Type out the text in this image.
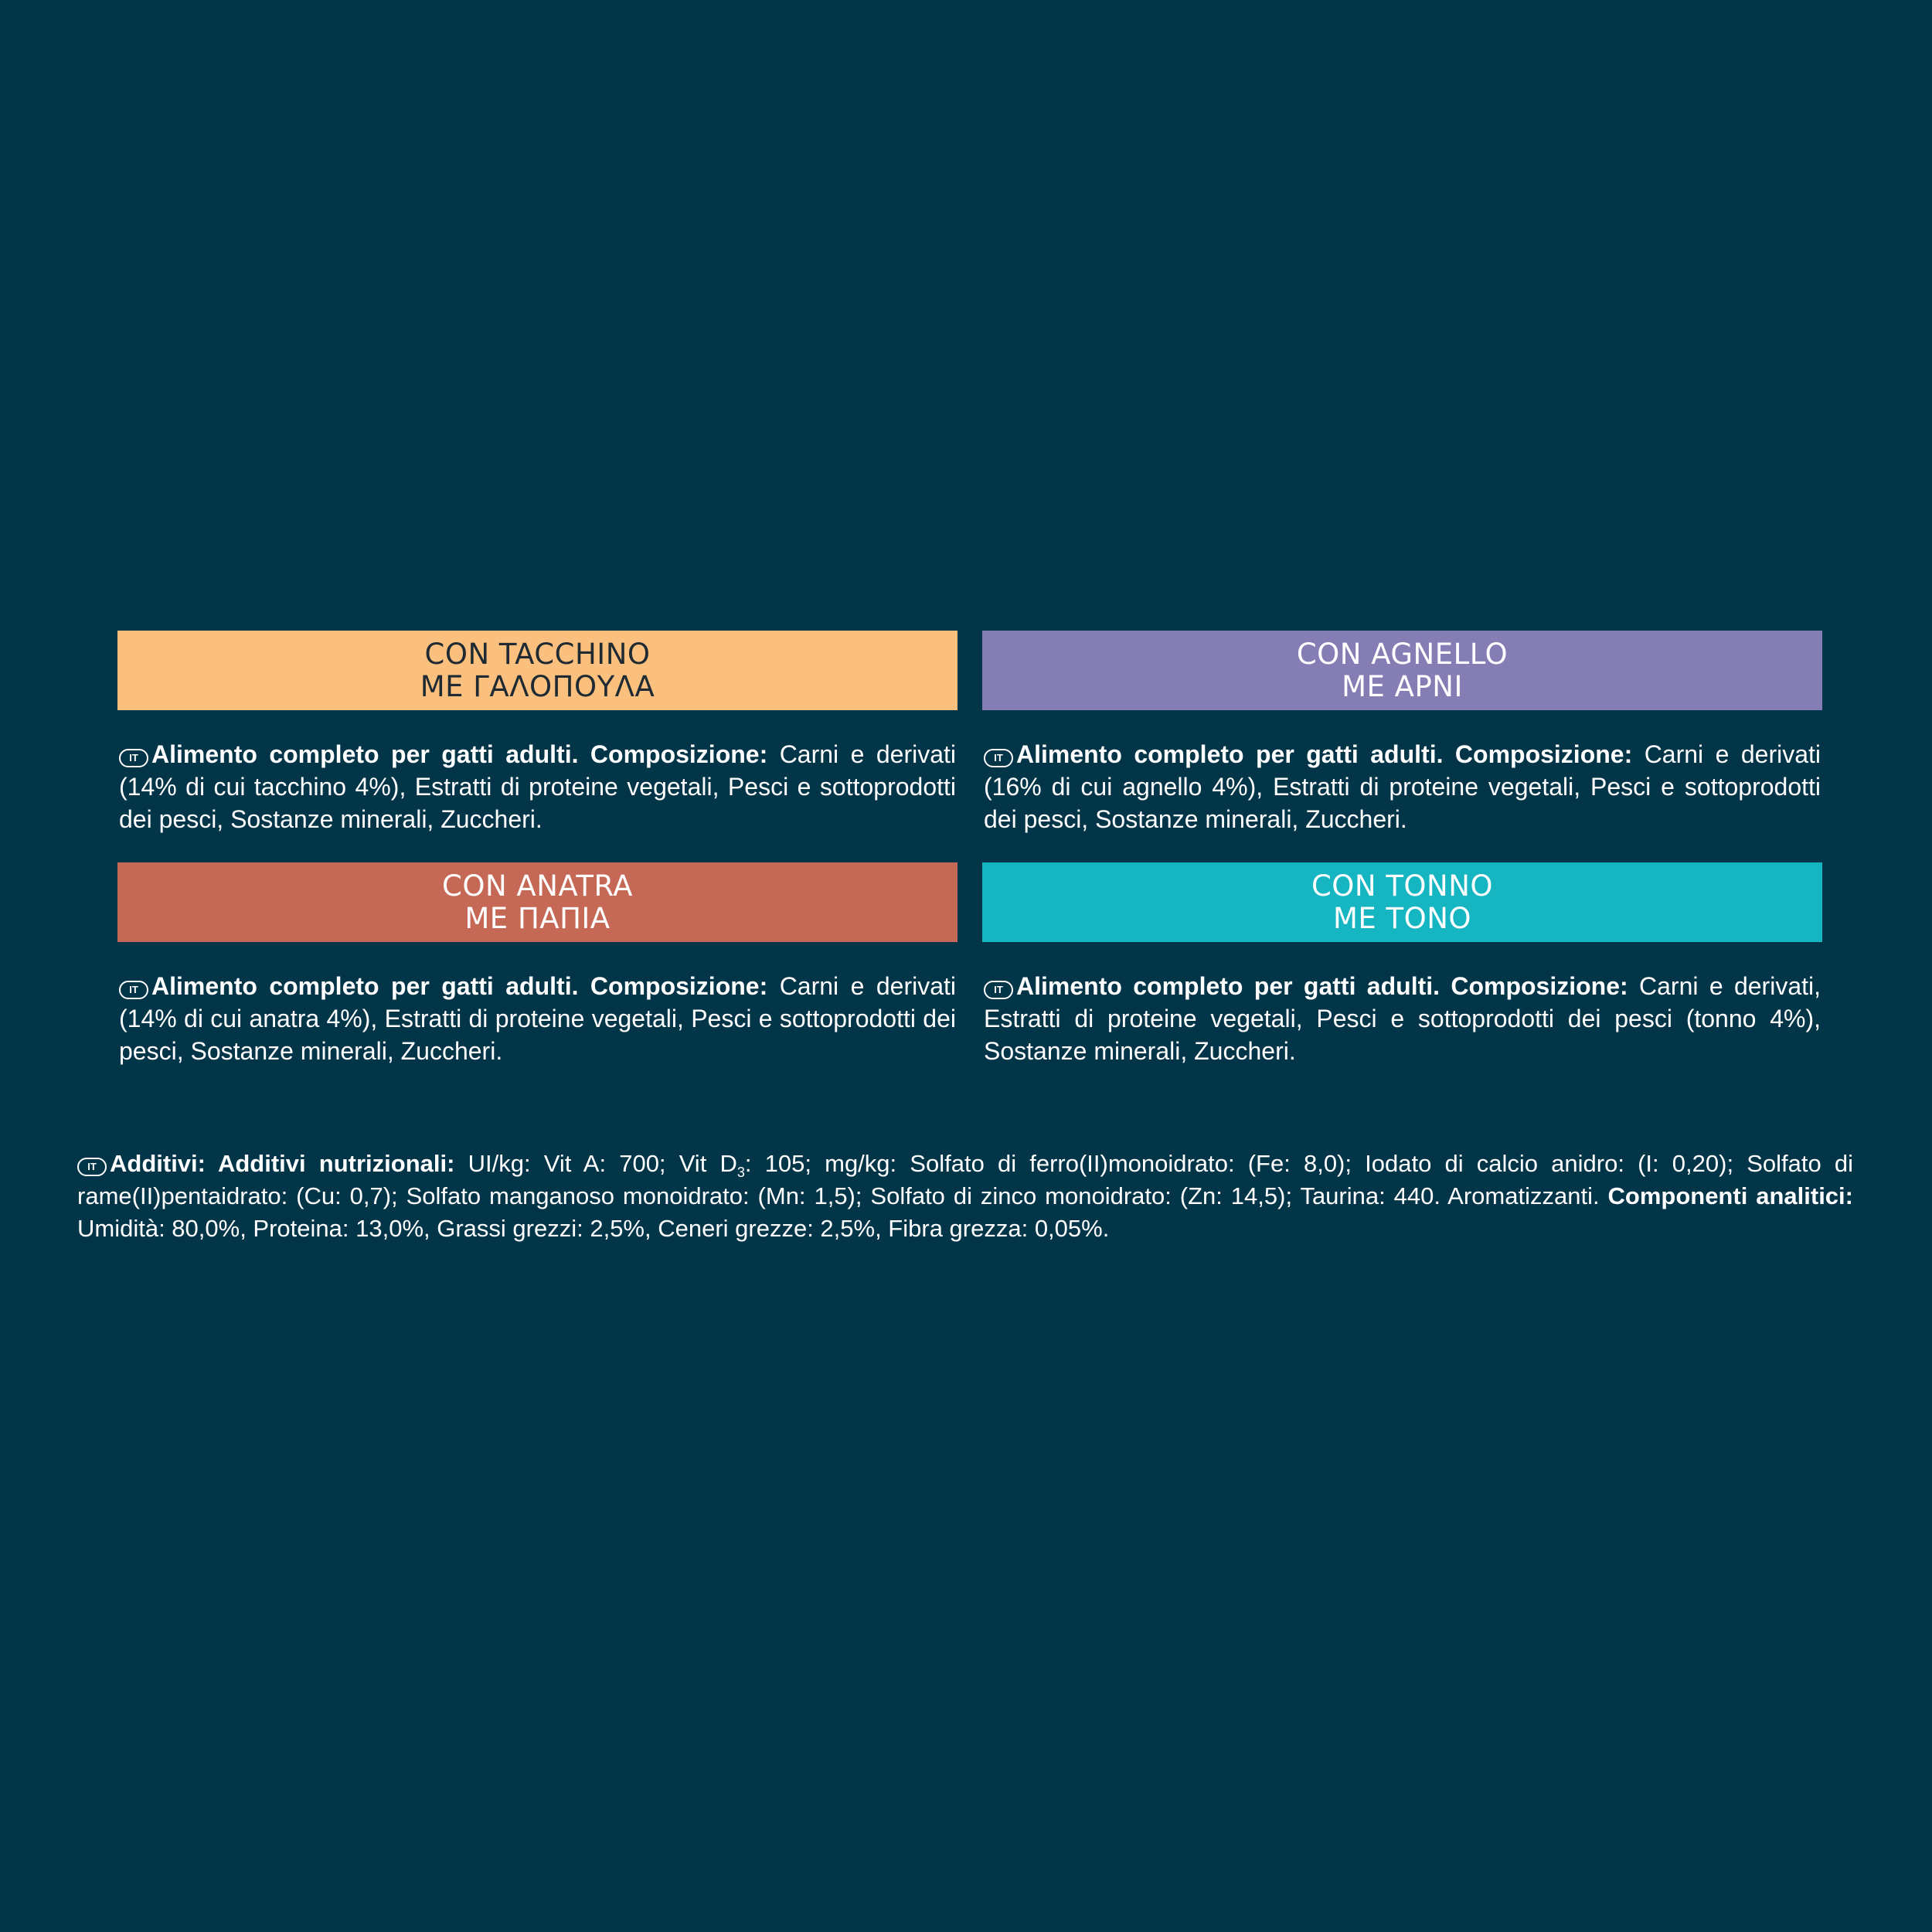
CON TACCHINO
ΜΕ ΓΑΛΟΠΟΥΛΑ
IT Alimento completo per gatti adulti. Composizione: Carni e derivati (14% di cui tacchino 4%), Estratti di proteine vegetali, Pesci e sottoprodotti dei pesci, Sostanze minerali, Zuccheri.
CON AGNELLO
ΜΕ ΑΡΝΙ
IT Alimento completo per gatti adulti. Composizione: Carni e derivati (16% di cui agnello 4%), Estratti di proteine vegetali, Pesci e sottoprodotti dei pesci, Sostanze minerali, Zuccheri.
CON ANATRA
ΜΕ ΠΑΠΙΑ
IT Alimento completo per gatti adulti. Composizione: Carni e derivati (14% di cui anatra 4%), Estratti di proteine vegetali, Pesci e sottoprodotti dei pesci, Sostanze minerali, Zuccheri.
CON TONNO
ΜΕ ΤΟΝΟ
IT Alimento completo per gatti adulti. Composizione: Carni e derivati, Estratti di proteine vegetali, Pesci e sottoprodotti dei pesci (tonno 4%), Sostanze minerali, Zuccheri.
IT Additivi: Additivi nutrizionali: UI/kg: Vit A: 700; Vit $D_3$: 105; mg/kg: Solfato di ferro(II)monoidrato: (Fe: 8,0); Iodato di calcio anidro: (I: 0,20); Solfato di rame(II)pentaidrato: (Cu: 0,7); Solfato manganoso monoidrato: (Mn: 1,5); Solfato di zinco monoidrato: (Zn: 14,5); Taurina: 440. Aromatizzanti. Componenti analitici: Umidità: 80,0%, Proteina: 13,0%, Grassi grezzi: 2,5%, Ceneri grezze: 2,5%, Fibra grezza: 0,05%.
